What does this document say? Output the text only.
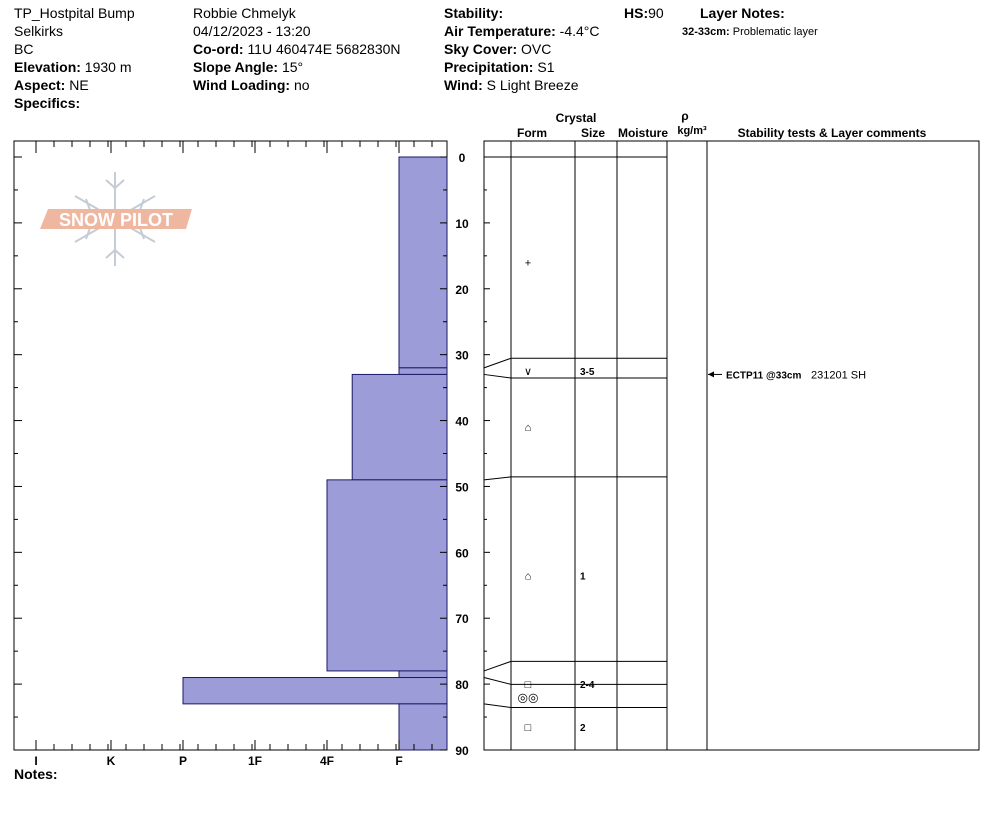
TP_Hostpital Bump
Selkirks
BC
Elevation: 1930 m
Aspect: NE
Specifics:
Robbie Chmelyk
04/12/2023 - 13:20
Co-ord: 11U 460474E 5682830N
Slope Angle: 15°
Wind Loading: no
Stability:
Air Temperature: -4.4°C
Sky Cover: OVC
Precipitation: S1
Wind: S Light Breeze
HS:90	Layer Notes:
32-33cm: Problematic layer
Notes:
SNOW PILOT
I	K	P	1F	4F	F
0
10
20
30
40
50
60
70
80
90
+
∨	3-5
⌂
⌂	1
□	2-4
◎◎
□	2
ECTP11 @33cm 231201 SH
Crystal
Form	Size Moisture
ρ
kg/m³	Stability tests & Layer comments
